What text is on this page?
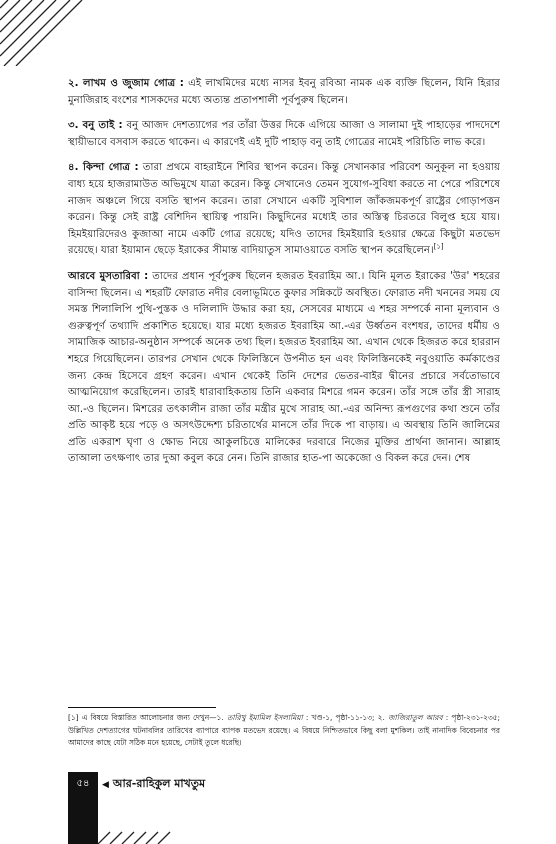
২. লাখম ও জুজাম গোত্র : এই লাখমিদের মধ্যে নাসর ইবনু রবিআ নামক এক ব্যক্তি ছিলেন, যিনি হিরার মুনাজিরাহ বংশের শাসকদের মধ্যে অত্যন্ত প্রতাপশালী পূর্বপুরুষ ছিলেন।

৩. বনু তাই : বনু আজদ দেশত্যাগের পর তাঁরা উত্তর দিকে এগিয়ে আজা ও সালামা দুই পাহাড়ের পাদদেশে স্থায়ীভাবে বসবাস করতে থাকেন। এ কারণেই এই দুটি পাহাড় বনু তাই গোত্রের নামেই পরিচিতি লাভ করে।

৪. কিন্দা গোত্র : তারা প্রথমে বাহরাইনে শিবির স্থাপন করেন। কিন্তু সেখানকার পরিবেশ অনুকূল না হওয়ায় বাধ্য হয়ে হাজরামাউত অভিমুখে যাত্রা করেন। কিন্তু সেখানেও তেমন সুযোগ-সুবিধা করতে না পেরে পরিশেষে নাজদ অঞ্চলে গিয়ে বসতি স্থাপন করেন। তারা সেখানে একটি সুবিশাল জাঁকজমকপূর্ণ রাষ্ট্রের গোড়াপত্তন করেন। কিন্তু সেই রাষ্ট্র বেশিদিন স্থায়িত্ব পায়নি। কিছুদিনের মধ্যেই তার অস্তিত্ব চিরতরে বিলুপ্ত হয়ে যায়। হিমইয়ারিদেরও কুজাআ নামে একটি গোত্র রয়েছে; যদিও তাদের হিমইয়ারি হওয়ার ক্ষেত্রে কিছুটা মতভেদ রয়েছে। যারা ইয়ামান ছেড়ে ইরাকের সীমান্ত বাদিয়াতুস সামাওয়াতে বসতি স্থাপন করেছিলেন।[১]

আরবে মুসতারিবা : তাদের প্রধান পূর্বপুরুষ ছিলেন হজরত ইবরাহিম আ.। যিনি মূলত ইরাকের 'উর' শহরের বাসিন্দা ছিলেন। এ শহরটি ফোরাত নদীর বেলাভূমিতে কুফার সন্নিকটে অবস্থিত। ফোরাত নদী খননের সময় যে সমস্ত শিলালিপি পুথি-পুস্তক ও দলিলাদি উদ্ধার করা হয়, সেসবের মাধ্যমে এ শহর সম্পর্কে নানা মূল্যবান ও গুরুত্বপূর্ণ তথ্যাদি প্রকাশিত হয়েছে। যার মধ্যে হজরত ইবরাহিম আ.-এর উর্ধ্বতন বংশধর, তাদের ধর্মীয় ও সামাজিক আচার-অনুষ্ঠান সম্পর্কে অনেক তথ্য ছিল। হজরত ইবরাহিম আ. এখান থেকে হিজরত করে হাররান শহরে গিয়েছিলেন। তারপর সেখান থেকে ফিলিস্তিনে উপনীত হন এবং ফিলিস্তিনকেই নবুওয়াতি কর্মকাণ্ডের জন্য কেন্দ্র হিসেবে গ্রহণ করেন। এখান থেকেই তিনি দেশের ভেতর-বাইর দ্বীনের প্রচারে সর্বতোভাবে আত্মনিয়োগ করেছিলেন। তারই ধারাবাহিকতায় তিনি একবার মিশরে গমন করেন। তাঁর সঙ্গে তাঁর স্ত্রী সারাহ আ.-ও ছিলেন। মিশরের তৎকালীন রাজা তাঁর মন্ত্রীর মুখে সারাহ আ.-এর অনিন্দ্য রূপগুণের কথা শুনে তাঁর প্রতি আকৃষ্ট হয়ে পড়ে ও অসৎউদ্দেশ্য চরিতার্থের মানসে তাঁর দিকে পা বাড়ায়। এ অবস্থায় তিনি জালিমের প্রতি একরাশ ঘৃণা ও ক্ষোভ নিয়ে আকুলচিত্তে মালিকের দরবারে নিজের মুক্তির প্রার্থনা জানান। আল্লাহ তাআলা তৎক্ষণাৎ তার দুআ কবুল করে নেন। তিনি রাজার হাত-পা অকেজো ও বিকল করে দেন। শেষ

[১] এ বিষয়ে বিস্তারিত আলোচনার জন্য দেখুন—১. তারিখু ইমামিল ইসলামিয়া : খণ্ড-১, পৃষ্ঠা-১১-১৩; ২. জাজিরাতুল আরব : পৃষ্ঠা-২৩১-২৩৫; উল্লিখিত দেশত্যাগের ঘটনাবলির তারিখের ব্যাপারে ব্যাপক মতভেদ রয়েছে। এ বিষয়ে নিশ্চিতভাবে কিছু বলা মুশকিল। তাই নানাদিক বিবেচনার পর আমাদের কাছে যেটা সঠিক মনে হয়েছে, সেটাই তুলে ধরেছি।

৫৪	◀ আর-রাহিকুল মাখতুম
